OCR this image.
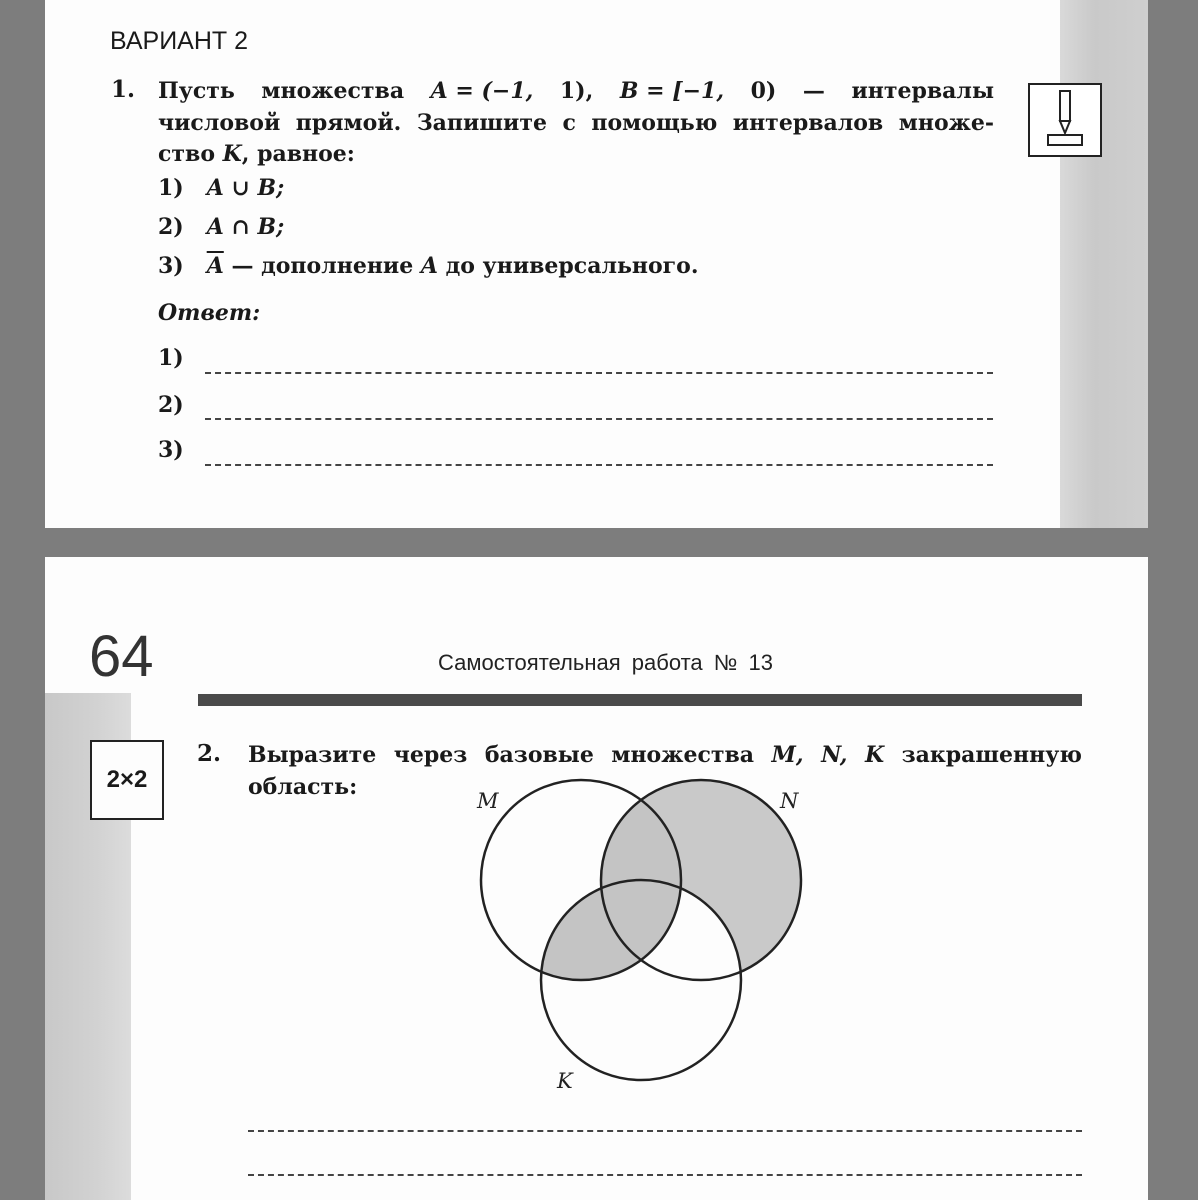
ВАРИАНТ 2
1. Пусть множества A = (−1, 1), B = [−1, 0) — интервалы
числовой прямой. Запишите с помощью интервалов множе-
ство K, равное:
1) A ∪ B;
2) A ∩ B;
3) $\overline{A}$ — дополнение A до универсального.
Ответ:
1)
2)
3)
64	Самостоятельная работа № 13
2×2
2. Выразите через базовые множества M, N, K закрашенную
область:
M	N
K
